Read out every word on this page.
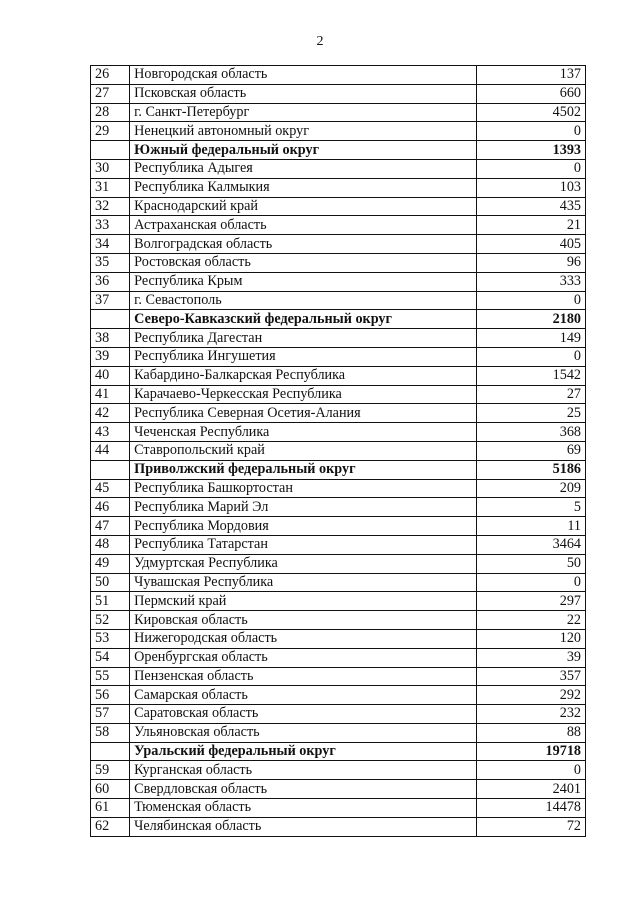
2
26	Новгородская область	137
27	Псковская область	660
28	г. Санкт-Петербург	4502
29	Ненецкий автономный округ	0
	Южный федеральный округ	1393
30	Республика Адыгея	0
31	Республика Калмыкия	103
32	Краснодарский край	435
33	Астраханская область	21
34	Волгоградская область	405
35	Ростовская область	96
36	Республика Крым	333
37	г. Севастополь	0
	Северо-Кавказский федеральный округ	2180
38	Республика Дагестан	149
39	Республика Ингушетия	0
40	Кабардино-Балкарская Республика	1542
41	Карачаево-Черкесская Республика	27
42	Республика Северная Осетия-Алания	25
43	Чеченская Республика	368
44	Ставропольский край	69
	Приволжский федеральный округ	5186
45	Республика Башкортостан	209
46	Республика Марий Эл	5
47	Республика Мордовия	11
48	Республика Татарстан	3464
49	Удмуртская Республика	50
50	Чувашская Республика	0
51	Пермский край	297
52	Кировская область	22
53	Нижегородская область	120
54	Оренбургская область	39
55	Пензенская область	357
56	Самарская область	292
57	Саратовская область	232
58	Ульяновская область	88
	Уральский федеральный округ	19718
59	Курганская область	0
60	Свердловская область	2401
61	Тюменская область	14478
62	Челябинская область	72
